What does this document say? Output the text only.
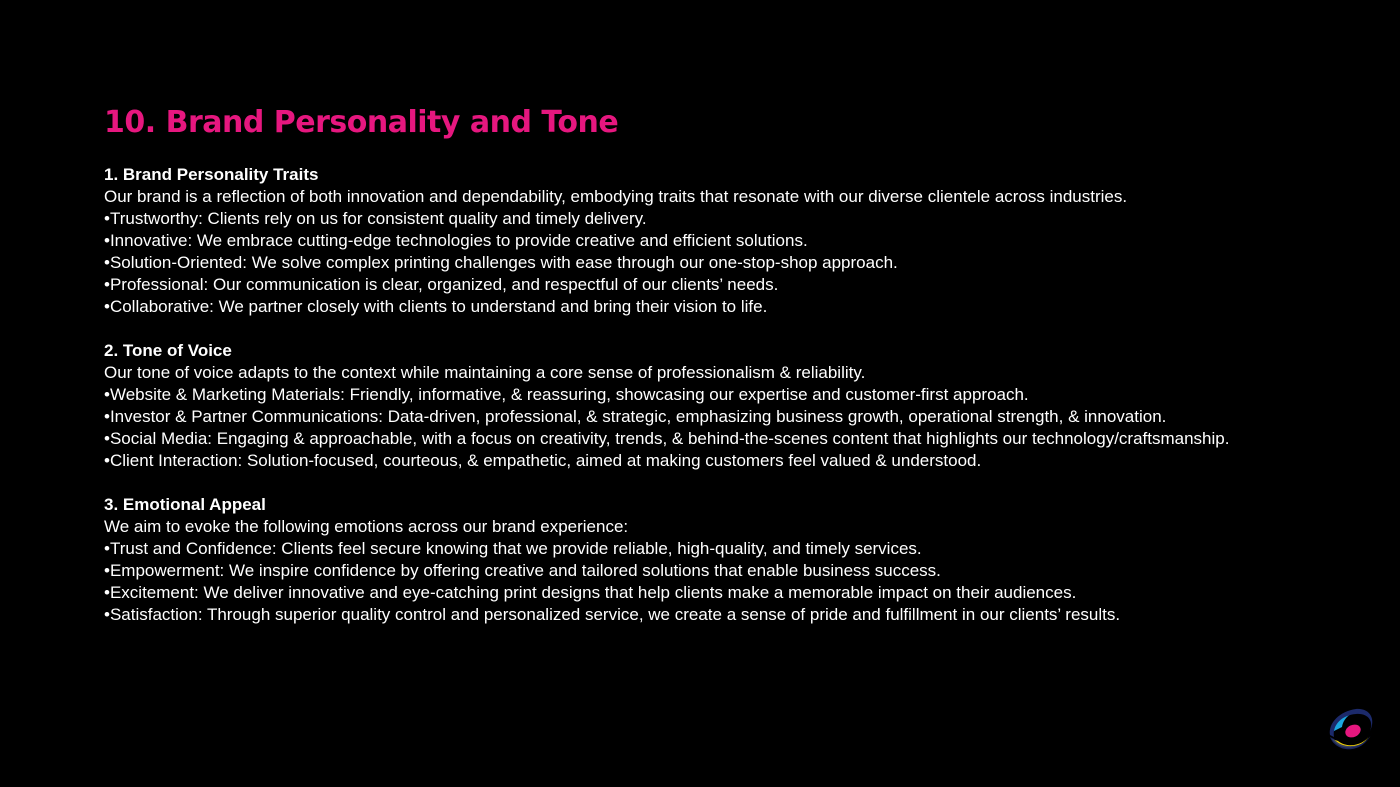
10. Brand Personality and Tone
1. Brand Personality Traits
Our brand is a reflection of both innovation and dependability, embodying traits that resonate with our diverse clientele across industries.
• Trustworthy: Clients rely on us for consistent quality and timely delivery.
• Innovative: We embrace cutting-edge technologies to provide creative and efficient solutions.
• Solution-Oriented: We solve complex printing challenges with ease through our one-stop-shop approach.
• Professional: Our communication is clear, organized, and respectful of our clients’ needs.
• Collaborative: We partner closely with clients to understand and bring their vision to life.
2. Tone of Voice
Our tone of voice adapts to the context while maintaining a core sense of professionalism & reliability.
• Website & Marketing Materials: Friendly, informative, & reassuring, showcasing our expertise and customer-first approach.
• Investor & Partner Communications: Data-driven, professional, & strategic, emphasizing business growth, operational strength, & innovation.
• Social Media: Engaging & approachable, with a focus on creativity, trends, & behind-the-scenes content that highlights our technology/craftsmanship.
• Client Interaction: Solution-focused, courteous, & empathetic, aimed at making customers feel valued & understood.
3. Emotional Appeal
We aim to evoke the following emotions across our brand experience:
• Trust and Confidence: Clients feel secure knowing that we provide reliable, high-quality, and timely services.
• Empowerment: We inspire confidence by offering creative and tailored solutions that enable business success.
• Excitement: We deliver innovative and eye-catching print designs that help clients make a memorable impact on their audiences.
• Satisfaction: Through superior quality control and personalized service, we create a sense of pride and fulfillment in our clients’ results.
